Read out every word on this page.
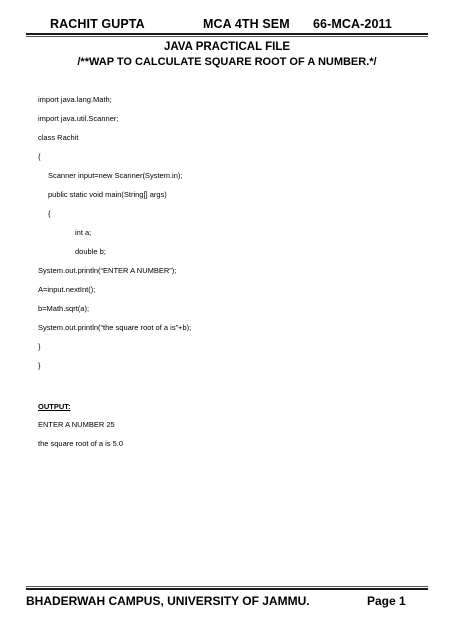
RACHIT GUPTA	MCA 4TH SEM 66-MCA-2011
JAVA PRACTICAL FILE
/**WAP TO CALCULATE SQUARE ROOT OF A NUMBER.*/
import java.lang.Math;
import java.util.Scanner;
class Rachit
{
Scanner input=new Scanner(System.in);
public static void main(String[] args)
{
int a;
double b;
System.out.println(“ENTER A NUMBER”);
A=input.nextInt();
b=Math.sqrt(a);
System.out.println(“the square root of a is”+b);
}
}
OUTPUT:
ENTER A NUMBER 25
the square root of a is 5.0
BHADERWAH CAMPUS, UNIVERSITY OF JAMMU.	Page 1
